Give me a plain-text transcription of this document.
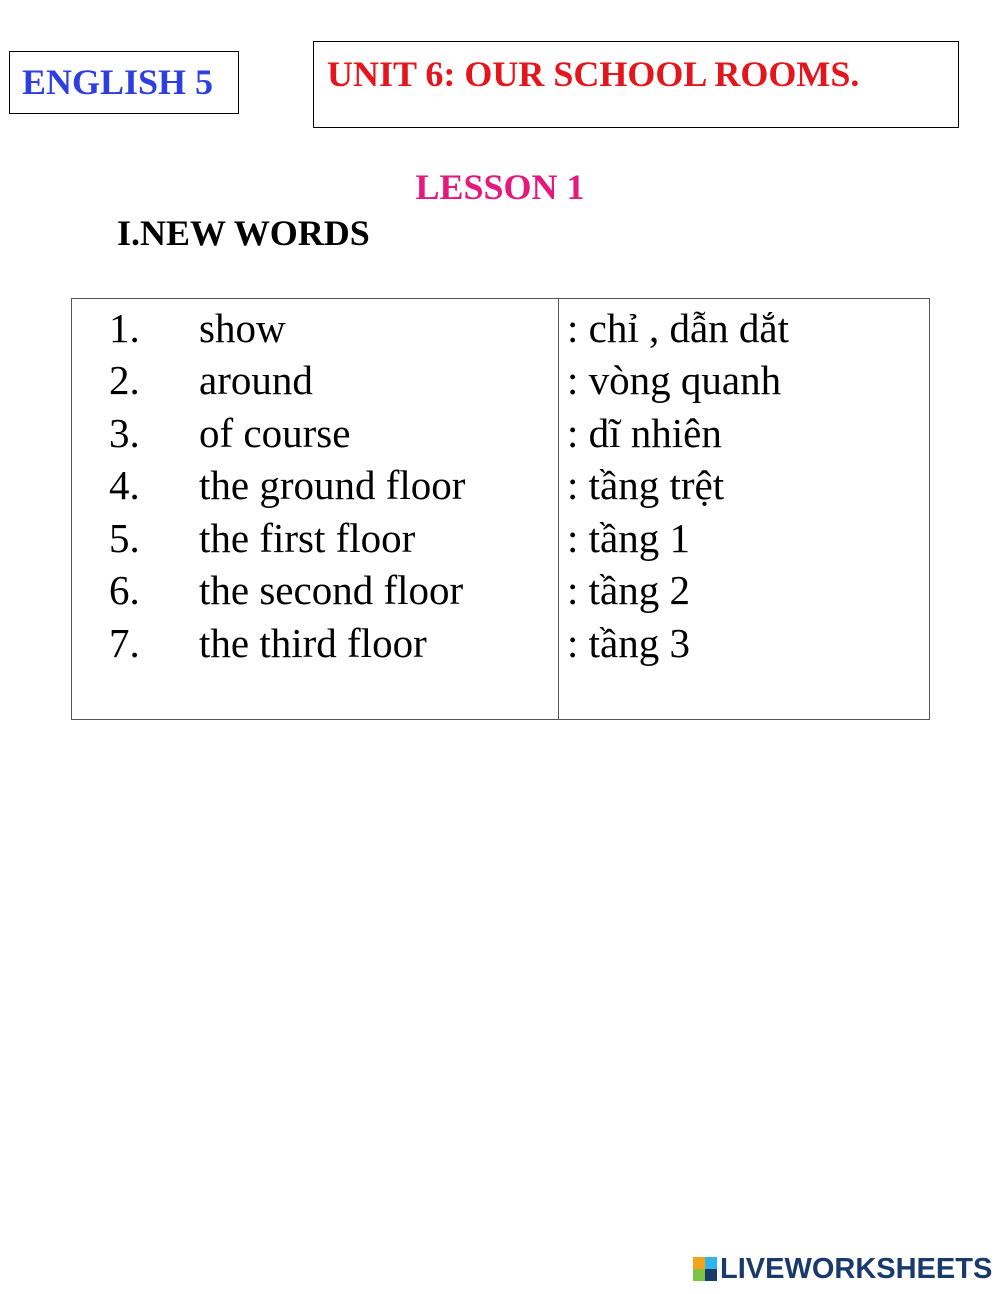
ENGLISH 5	UNIT 6: OUR SCHOOL ROOMS.
LESSON 1
I.NEW WORDS
1. show	: chỉ , dẫn dắt
2. around	: vòng quanh
3. of course	: dĩ nhiên
4. the ground floor : tầng trệt
5. the first floor	: tầng 1
6. the second floor	: tầng 2
7. the third floor	: tầng 3
LIVEWORKSHEETS
